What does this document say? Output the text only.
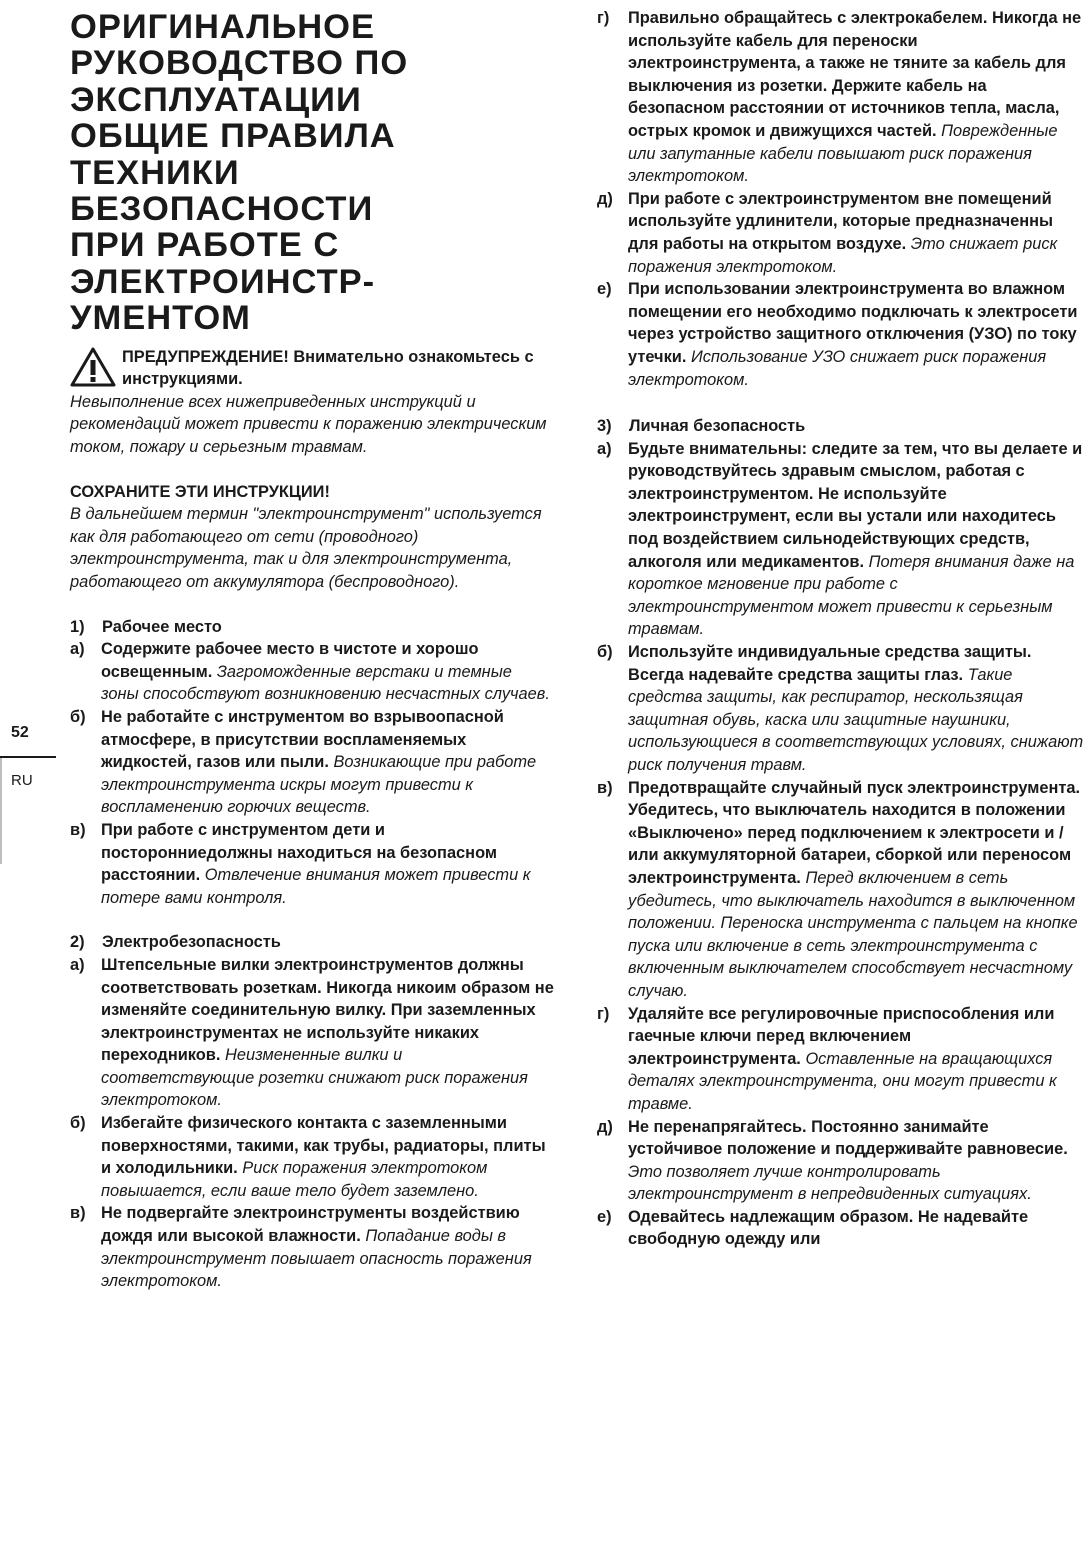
52
RU
ОРИГИНАЛЬНОЕ
РУКОВОДСТВО ПО
ЭКСПЛУАТАЦИИ
ОБЩИЕ ПРАВИЛА
ТЕХНИКИ
БЕЗОПАСНОСТИ
ПРИ РАБОТЕ С
ЭЛЕКТРОИНСТР-
УМЕНТОМ

ПРЕДУПРЕЖДЕНИЕ! Внимательно ознакомьтесь с инструкциями.

Невыполнение всех нижеприведенных инструкций и рекомендаций может привести к поражению электрическим током, пожару и серьезным травмам.

СОХРАНИТЕ ЭТИ ИНСТРУКЦИИ!

В дальнейшем термин "электроинструмент" используется как для работающего от сети (проводного) электроинструмента, так и для электроинструмента, работающего от аккумулятора (беспроводного).

1)	Рабочее место
а)	Содержите рабочее место в чистоте и хорошо освещенным. Загроможденные верстаки и темные зоны способствуют возникновению несчастных случаев.
б) Не работайте с инструментом во взрывоопасной атмосфере, в присутствии воспламеняемых жидкостей, газов или пыли. Возникающие при работе электроинструмента искры могут привести к воспламенению горючих веществ.
в) При работе с инструментом дети и посторонниедолжны находиться на безопасном расстоянии. Отвлечение внимания может привести к потере вами контроля.
2)	Электробезопасность
а)	Штепсельные вилки электроинструментов должны соответствовать розеткам. Никогда никоим образом не изменяйте соединительную вилку. При заземленных электроинструментах не используйте никаких переходников. Неизмененные вилки и соответствующие розетки снижают риск поражения электротоком.
б) Избегайте физического контакта с заземленными поверхностями, такими, как трубы, радиаторы, плиты и холодильники. Риск поражения электротоком повышается, если ваше тело будет заземлено.
в) Не подвергайте электроинструменты воздействию дождя или высокой влажности. Попадание воды в электроинструмент повышает опасность поражения электротоком.
г)	Правильно обращайтесь с электрокабелем. Никогда не используйте кабель для переноски электроинструмента, а также не тяните за кабель для выключения из розетки. Держите кабель на безопасном расстоянии от источников тепла, масла, острых кромок и движущихся частей. Поврежденные или запутанные кабели повышают риск поражения электротоком.
д) При работе с электроинструментом вне помещений используйте удлинители, которые предназначенны для работы на открытом воздухе. Это снижает риск поражения электротоком.
е)	При использовании электроинструмента во влажном помещении его необходимо подключать к электросети через устройство защитного отключения (УЗО) по току утечки. Использование УЗО снижает риск поражения электротоком.
3)	Личная безопасность
а)	Будьте внимательны: следите за тем, что вы делаете и руководствуйтесь здравым смыслом, работая с электроинструментом. Не используйте электроинструмент, если вы устали или находитесь под воздействием сильнодействующих средств, алкоголя или медикаментов. Потеря внимания даже на короткое мгновение при работе с электроинструментом может привести к серьезным травмам.
б) Используйте индивидуальные средства защиты. Всегда надевайте средства защиты глаз. Такие средства защиты, как респиратор, нескользящая защитная обувь, каска или защитные наушники, использующиеся в соответствующих условиях, снижают риск получения травм.
в) Предотвращайте случайный пуск электроинструмента. Убедитесь, что выключатель находится в положении «Выключено» перед подключением к электросети и / или аккумуляторной батареи, сборкой или переносом электроинструмента. Перед включением в сеть убедитесь, что выключатель находится в выключенном положении. Переноска инструмента с пальцем на кнопке пуска или включение в сеть электроинструмента с включенным выключателем способствует несчастному случаю.
г)	Удаляйте все регулировочные приспособления или гаечные ключи перед включением электроинструмента. Оставленные на вращающихся деталях электроинструмента, они могут привести к травме.
д) Не перенапрягайтесь. Постоянно занимайте устойчивое положение и поддерживайте равновесие. Это позволяет лучше контролировать электроинструмент в непредвиденных ситуациях.
е)	Одевайтесь надлежащим образом. Не надевайте свободную одежду или
